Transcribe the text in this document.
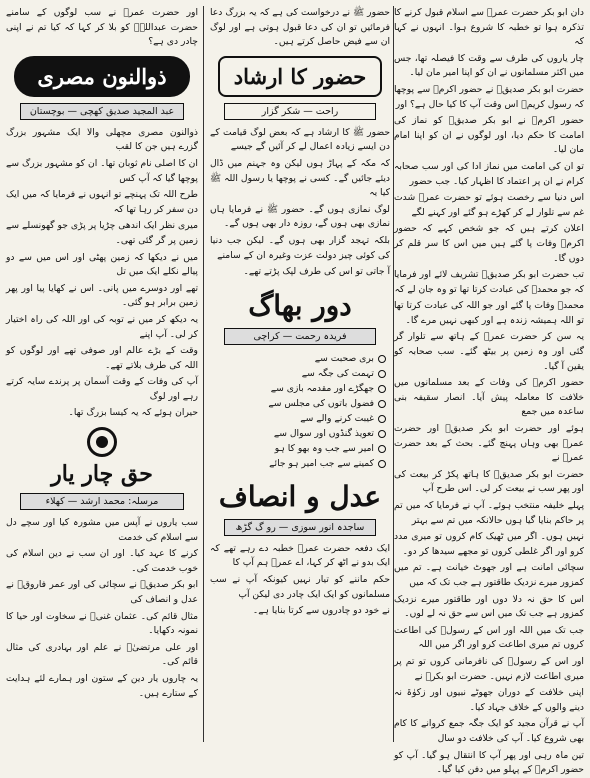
دان ابو بکر حضرت عمرؓ سے اسلام قبول کرنے کا تذکرہ ہوا تو خطبہ کا شروع ہوا۔ انہوں نے کہا کہ

چار یاروں کی طرف سے وقت کا فیصلہ تھا، جس میں اکثر مسلمانوں نے ان کو اپنا امیر مان لیا۔

حضرت ابو بکر صدیقؓ نے حضور اکرمؐ سے پوچھا کہ رسول کریمؐ اس وقت آپ کا کیا حال ہے؟ اور

حضور اکرمؐ نے ابو بکر صدیقؓ کو نماز کی امامت کا حکم دیا، اور لوگوں نے ان کو اپنا امام مان لیا۔

تو ان کی امامت میں نماز ادا کی اور سب صحابہ کرام نے ان پر اعتماد کا اظہار کیا۔ جب حضور

اس دنیا سے رخصت ہوئے تو حضرت عمرؓ شدت غم سے تلوار لے کر کھڑے ہو گئے اور کہنے لگے

اعلان کرتے ہیں کہ جو شخص کہے کہ حضور اکرمؐ وفات پا گئے ہیں میں اس کا سر قلم کر دوں گا۔

تب حضرت ابو بکر صدیقؓ تشریف لائے اور فرمایا کہ جو محمدؐ کی عبادت کرتا تھا تو وہ جان لے کہ

محمدؐ وفات پا گئے اور جو اللہ کی عبادت کرتا تھا تو اللہ ہمیشہ زندہ ہے اور کبھی نہیں مرے گا۔

یہ سن کر حضرت عمرؓ کے ہاتھ سے تلوار گر گئی اور وہ زمین پر بیٹھ گئے۔ سب صحابہ کو یقین آ گیا۔

حضور اکرمؐ کی وفات کے بعد مسلمانوں میں خلافت کا معاملہ پیش آیا۔ انصار سقیفہ بنی ساعدہ میں جمع

ہوئے اور حضرت ابو بکر صدیقؓ اور حضرت عمرؓ بھی وہاں پہنچ گئے۔ بحث کے بعد حضرت عمرؓ نے

حضرت ابو بکر صدیقؓ کا ہاتھ پکڑ کر بیعت کی اور پھر سب نے بیعت کر لی۔ اس طرح آپ

پہلے خلیفہ منتخب ہوئے۔ آپ نے فرمایا کہ میں تم پر حاکم بنایا گیا ہوں حالانکہ میں تم سے بہتر

نہیں ہوں۔ اگر میں ٹھیک کام کروں تو میری مدد کرو اور اگر غلطی کروں تو مجھے سیدھا کر دو۔

سچائی امانت ہے اور جھوٹ خیانت ہے۔ تم میں کمزور میرے نزدیک طاقتور ہے جب تک کہ میں

اس کا حق نہ دلا دوں اور طاقتور میرے نزدیک کمزور ہے جب تک میں اس سے حق نہ لے لوں۔

جب تک میں اللہ اور اس کے رسولؐ کی اطاعت کروں تم میری اطاعت کرو اور اگر میں اللہ

اور اس کے رسولؐ کی نافرمانی کروں تو تم پر میری اطاعت لازم نہیں۔ حضرت ابو بکرؓ نے

اپنی خلافت کے دوران جھوٹے نبیوں اور زکوٰۃ نہ دینے والوں کے خلاف جہاد کیا۔

آپ نے قرآن مجید کو ایک جگہ جمع کروانے کا کام بھی شروع کیا۔ آپ کی خلافت دو سال

تین ماہ رہی اور پھر آپ کا انتقال ہو گیا۔ آپ کو حضور اکرمؐ کے پہلو میں دفن کیا گیا۔

حضور ﷺ نے درخواست کی ہے کہ یہ بزرگ دعا فرمائیں تو ان کی دعا قبول ہوتی ہے اور لوگ ان سے فیض حاصل کرتے ہیں۔

حضور کا ارشاد
راحت — شکر گزار

حضور ﷺ کا ارشاد ہے کہ بعض لوگ قیامت کے دن ایسے زیادہ اعمال لے کر آئیں گے جیسے

کہ مکہ کے پہاڑ ہوں لیکن وہ جہنم میں ڈال دیئے جائیں گے۔ کسی نے پوچھا یا رسول اللہ ﷺ کیا یہ

لوگ نمازی ہوں گے۔ حضور ﷺ نے فرمایا ہاں نمازی بھی ہوں گے، روزہ دار بھی ہوں گے۔

بلکہ تہجد گزار بھی ہوں گے۔ لیکن جب دنیا کی کوئی چیز دولت عزت وغیرہ ان کے سامنے

آ جاتی تو اس کی طرف لپک پڑتے تھے۔

دور بھاگ
فریدہ رحمت — کراچی
بری صحبت سے
تہمت کی جگہ سے
جھگڑے اور مقدمہ بازی سے
فضول باتوں کی مجلس سے
غیبت کرنے والے سے
تعویذ گنڈوں اور سوال سے
امیر سے جب وہ بھو کا ہو
کمینے سے جب امیر ہو جائے
عدل و انصاف
ساجدہ انور سوزی — رو گ گڑھ

ایک دفعہ حضرت عمرؓ خطبہ دے رہے تھے کہ ایک بدو نے اٹھ کر کہا، اے عمرؓ ہم آپ کا

حکم ماننے کو تیار نہیں کیونکہ آپ نے سب مسلمانوں کو ایک ایک چادر دی لیکن آپ

نے خود دو چادروں سے کرتا بنایا ہے۔

اور حضرت عمرؓ نے سب لوگوں کے سامنے حضرت عبداللہؓ کو بلا کر کہا کہ کیا تم نے اپنی چادر دی ہے؟

ذوالنون مصری
عبد المجید صدیق کھچی — بوچستان

ذوالنون مصری مچھلی والا ایک مشہور بزرگ گزرے ہیں جن کا لقب

ان کا اصلی نام ثوبان تھا۔ ان کو مشہور بزرگ سے پوچھا گیا کہ آپ کس

طرح اللہ تک پہنچے تو انہوں نے فرمایا کہ میں ایک دن سفر کر رہا تھا کہ

میری نظر ایک اندھی چڑیا پر پڑی جو گھونسلے سے زمین پر گر گئی تھی۔

میں نے دیکھا کہ زمین پھٹی اور اس میں سے دو پیالے نکلے ایک میں تل

تھے اور دوسرے میں پانی۔ اس نے کھایا پیا اور پھر زمین برابر ہو گئی۔

یہ دیکھ کر میں نے توبہ کی اور اللہ کی راہ اختیار کر لی۔ آپ اپنے

وقت کے بڑے عالم اور صوفی تھے اور لوگوں کو اللہ کی طرف بلاتے تھے۔

آپ کی وفات کے وقت آسمان پر پرندے سایہ کرتے رہے اور لوگ

حیران ہوئے کہ یہ کیسا بزرگ تھا۔

حق چار یار
مرسلہ: محمد ارشد — کھلاء

سب یاروں نے آپس میں مشورہ کیا اور سچے دل سے اسلام کی خدمت

کرنے کا عہد کیا۔ اور ان سب نے دین اسلام کی خوب خدمت کی۔

ابو بکر صدیقؓ نے سچائی کی اور عمر فاروقؓ نے عدل و انصاف کی

مثال قائم کی۔ عثمان غنیؓ نے سخاوت اور حیا کا نمونہ دکھایا۔

اور علی مرتضیٰؓ نے علم اور بہادری کی مثال قائم کی۔

یہ چاروں یار دین کے ستون اور ہمارے لئے ہدایت کے ستارے ہیں۔
